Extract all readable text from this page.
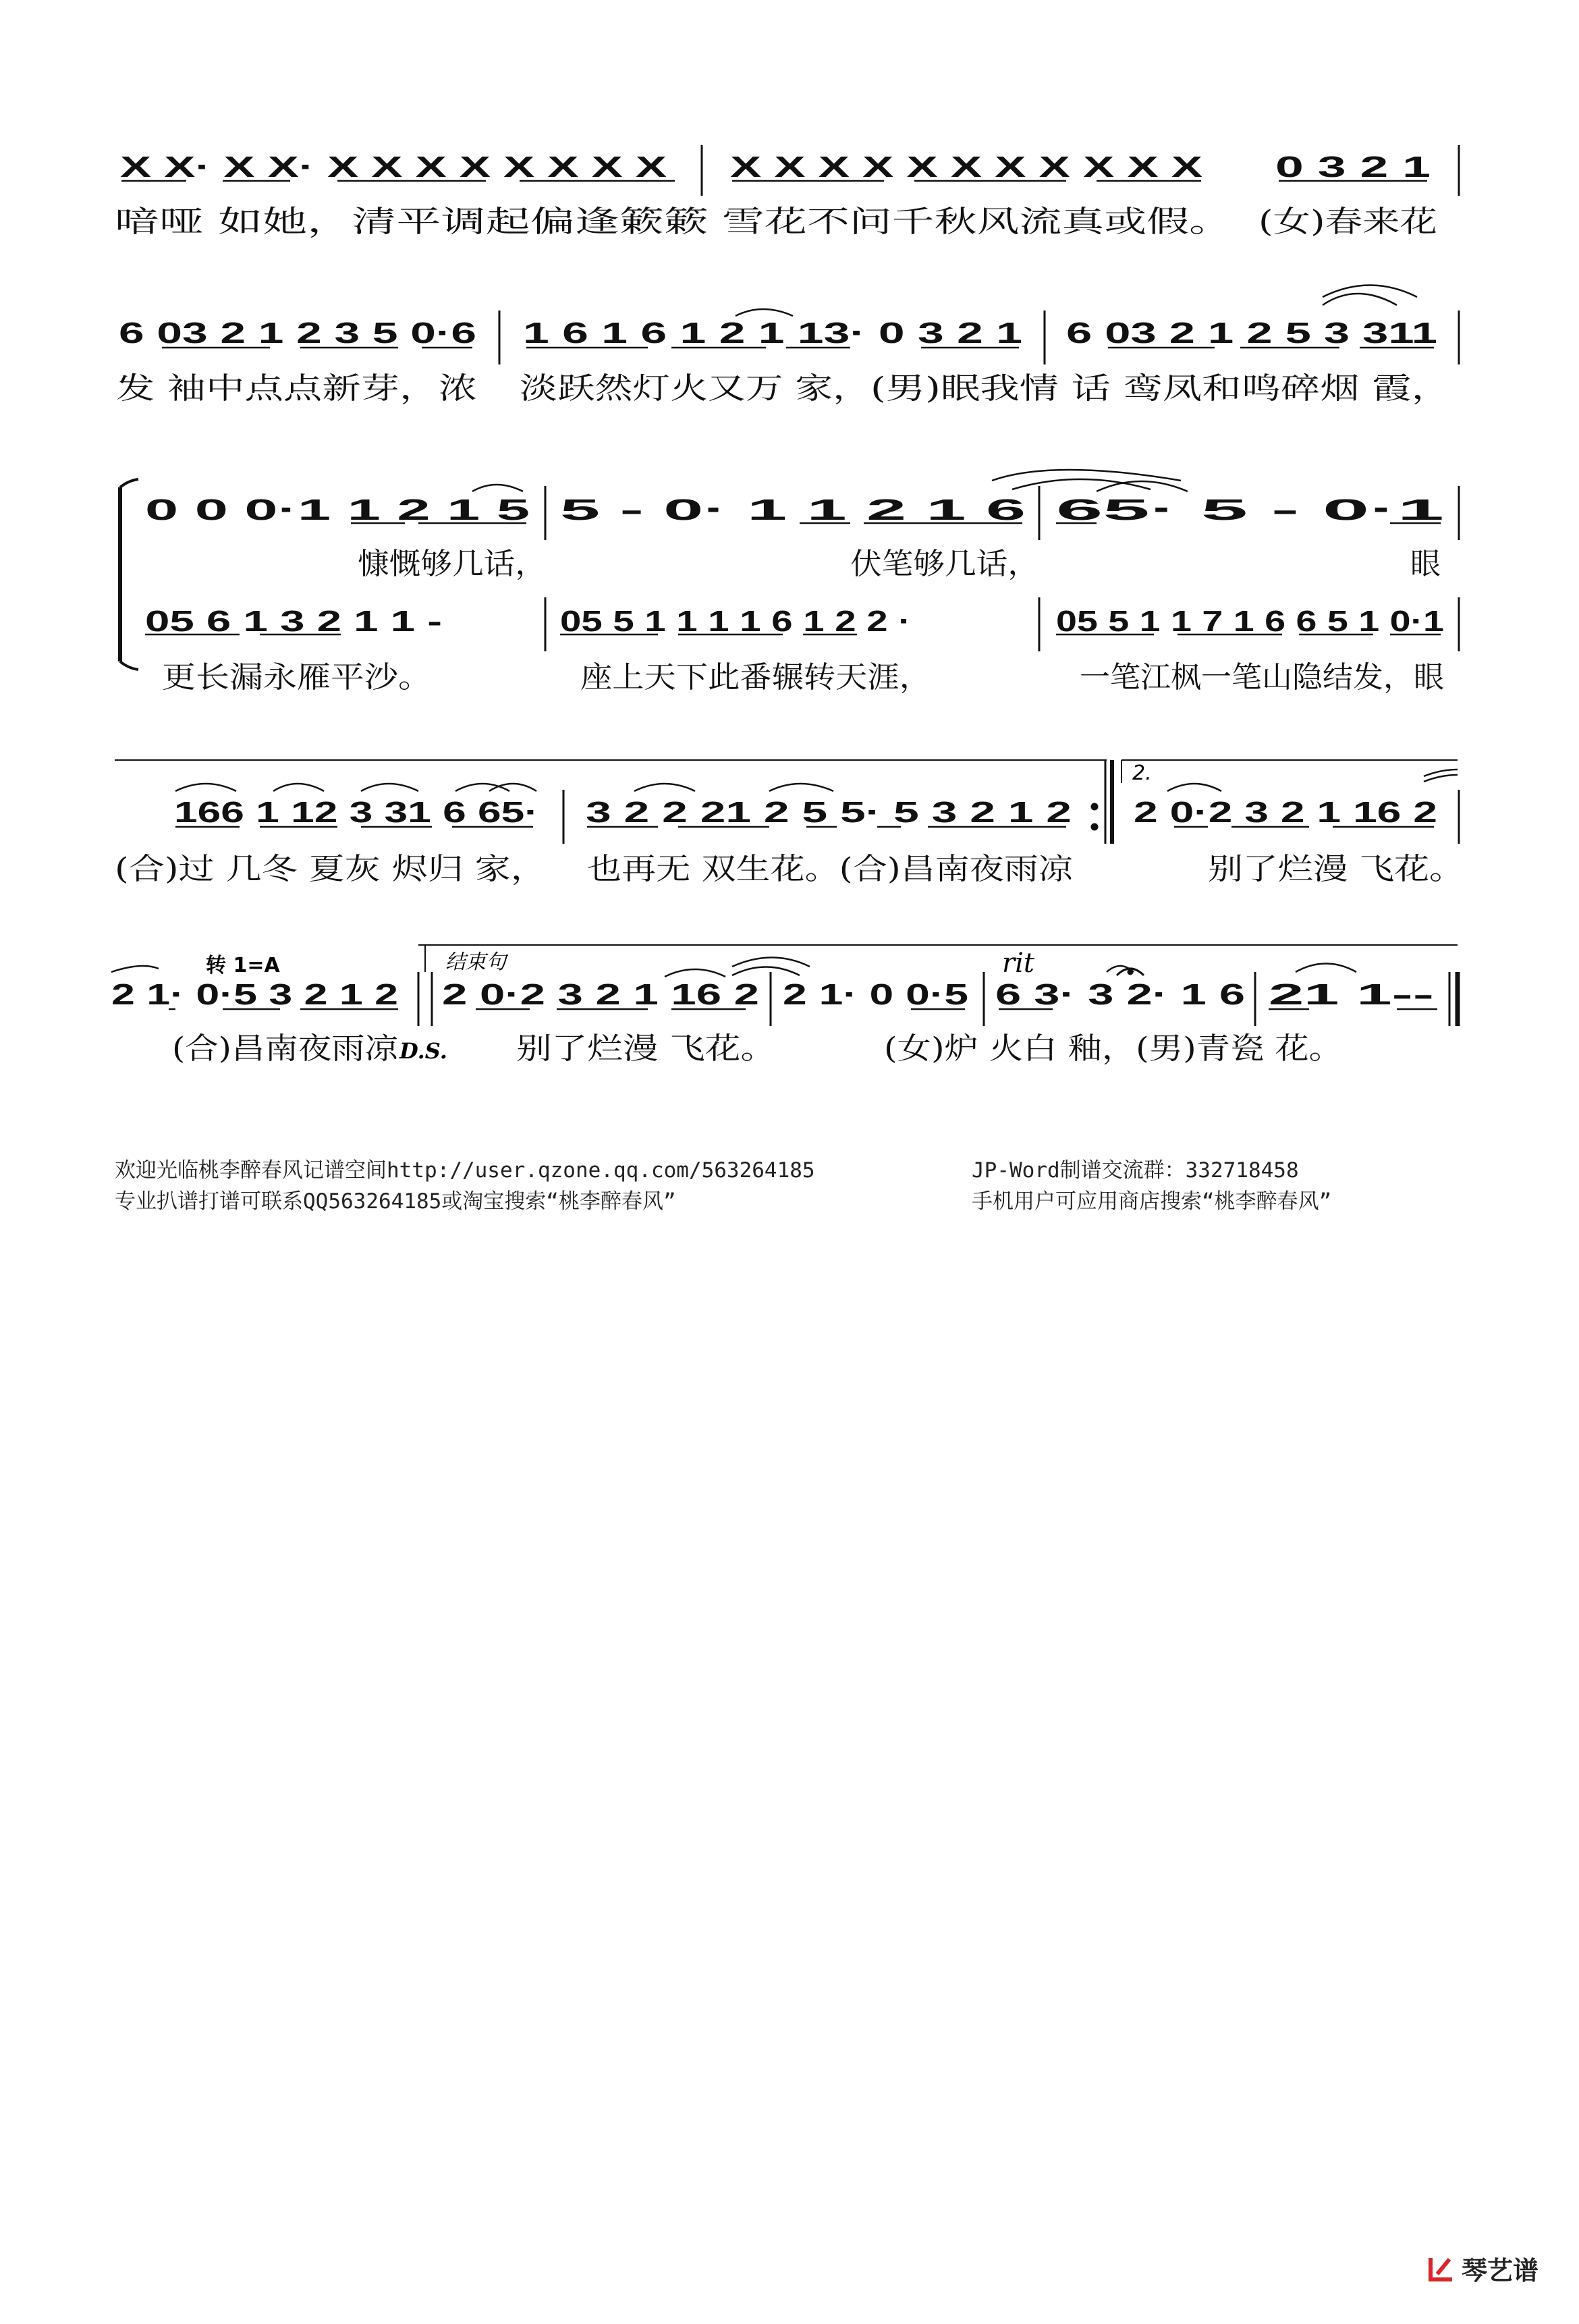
X X· X X· X X X X X X X X X X X X X X X X X X X 0 3 2 1
6 03 2 1 2 3 5 0·6 1 6 1 6 1 2 1 13· 0 3 2 1 6 03 2 1 2 5 3 311
0 0 0·1 1 2 1 5 5 - 0· 1 1 2 1 6 65· 5 - 0·1
05 6 1 3 2 1 1 -	05 5 1 1 1 1 6 1 2 2 ·	05 5 1 1 7 1 6 6 5 1 0·1
166 1 12 3 31 6 65· 3 2 2 21 2 5 5· 5 3 2 1 2 2 0·2 3 2 1 16 2
2 1· 0·5 3 2 1 2 2 0·2 3 2 1 16 2 2 1· 0 0·5 6 3· 3 2· 1 6 21 1--
喑哑 如她，清平调起偏逢簌簌 雪花不问千秋风流真或假。 (女)春来花
发 袖中点点新芽，浓 淡跃然灯火又万 家， (男)眠我情 话 鸾凤和鸣碎烟 霞，
慷慨够几话，	伏笔够几话，	眼
更长漏永雁平沙。	座上天下此番辗转天涯，	一笔江枫一笔山隐结发，眼
(合)过 几冬 夏灰 烬归 家， 也再无 双生花。(合)昌南夜雨凉	别了烂漫 飞花。
(合)昌南夜雨凉	别了烂漫 飞花。	(女)炉 火白 釉，(男)青瓷 花。
2.
转 1=A	结束句	rit
D.S.

欢迎光临桃李醉春风记谱空间http://user.qzone.qq.com/563264185

	JP-Word制谱交流群：332718458

专业扒谱打谱可联系QQ563264185或淘宝搜索“桃李醉春风”

	手机用户可应用商店搜索“桃李醉春风”

琴艺谱
